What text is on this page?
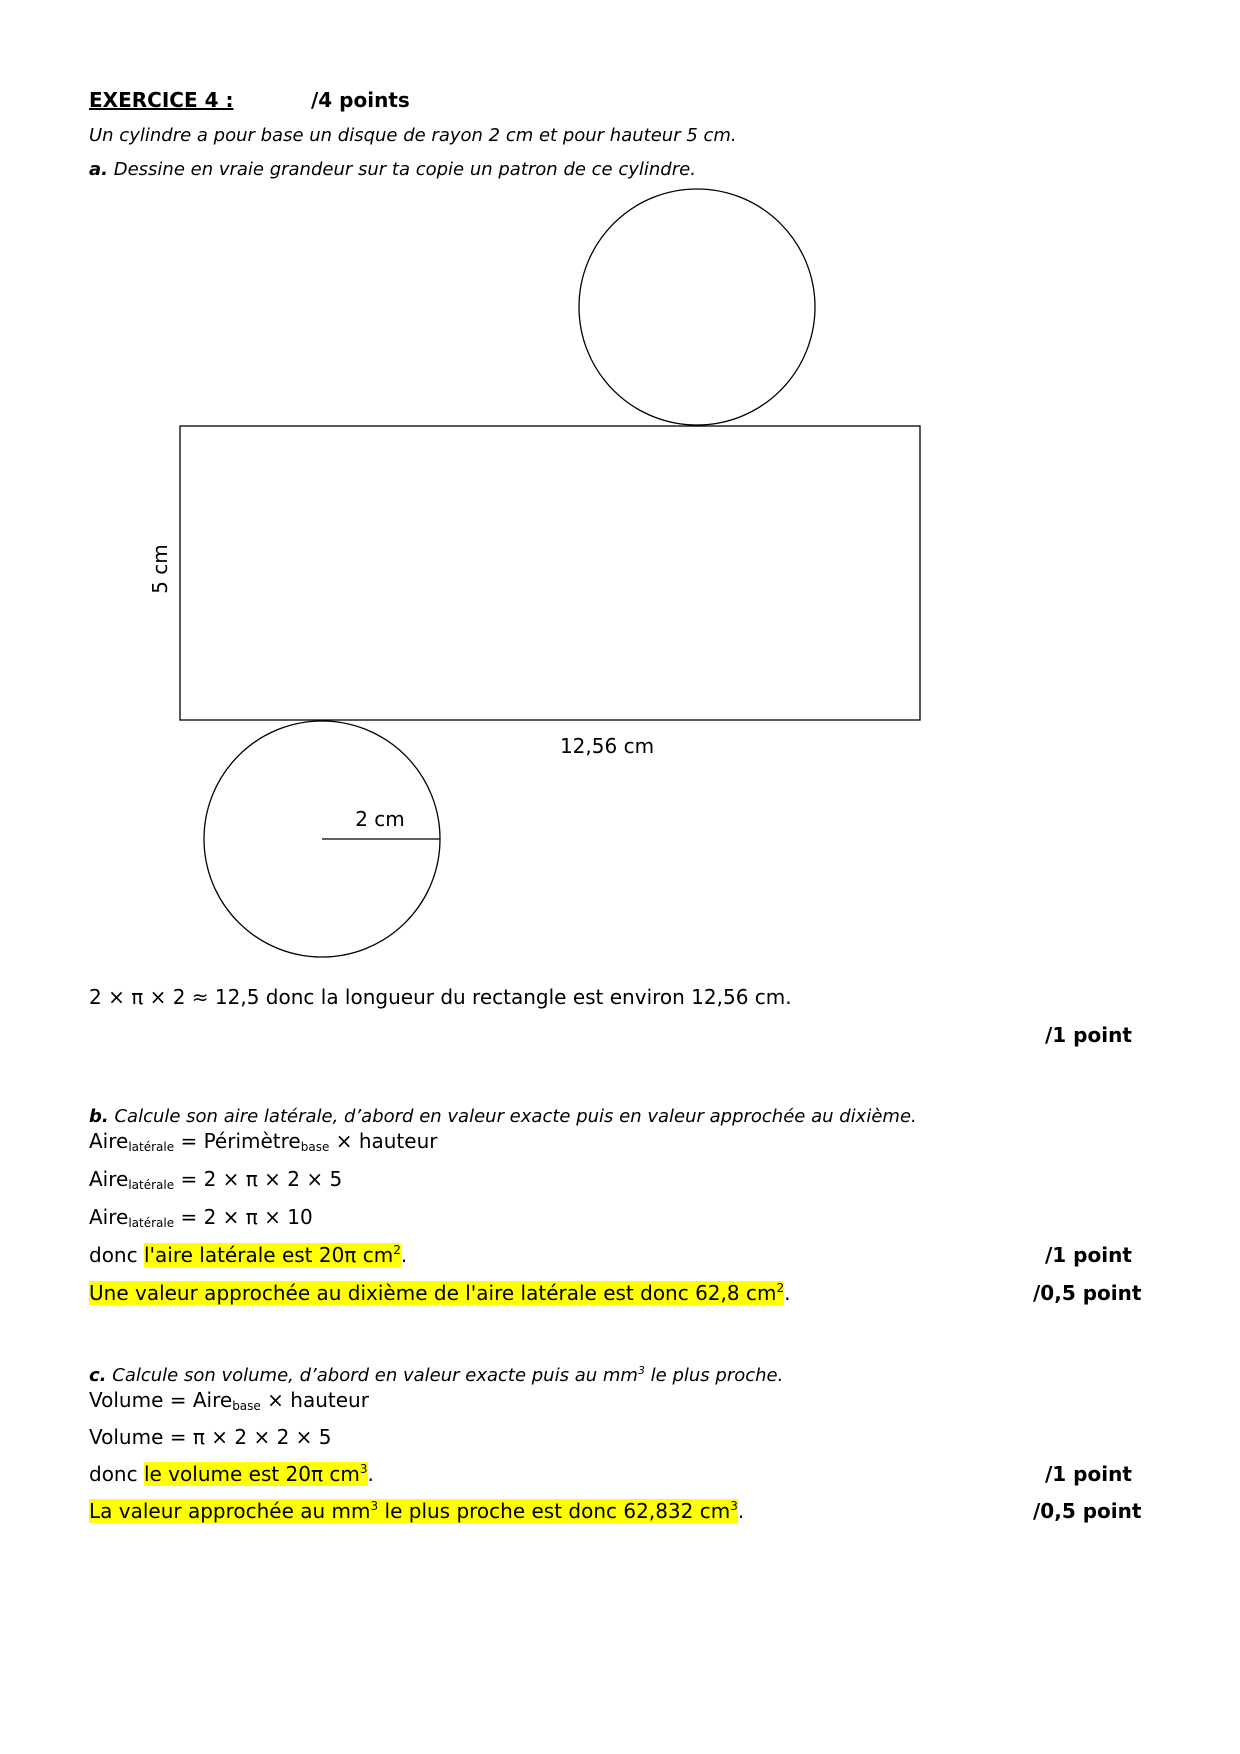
EXERCICE 4 :	/4 points
Un cylindre a pour base un disque de rayon 2 cm et pour hauteur 5 cm.
a. Dessine en vraie grandeur sur ta copie un patron de ce cylindre.
5 cm
12,56 cm
2 cm
2 × π × 2 ≈ 12,5 donc la longueur du rectangle est environ 12,56 cm.
/1 point
b. Calcule son aire latérale, d’abord en valeur exacte puis en valeur approchée au dixième.
Aire$_{latérale}$ = Périmètre$_{base}$ × hauteur
Aire$_{latérale}$ = 2 × π × 2 × 5
Aire$_{latérale}$ = 2 × π × 10
donc l'aire latérale est 20π $cm^2$.	/1 point
Une valeur approchée au dixième de l'aire latérale est donc 62,8 $cm^2$.	/0,5 point
c. Calcule son volume, d’abord en valeur exacte puis au $mm^3$ le plus proche.
Volume = Aire$_{base}$ × hauteur
Volume = π × 2 × 2 × 5
donc le volume est 20π $cm^3$.	/1 point
La valeur approchée au $mm^3$ le plus proche est donc 62,832 $cm^3$.	/0,5 point
